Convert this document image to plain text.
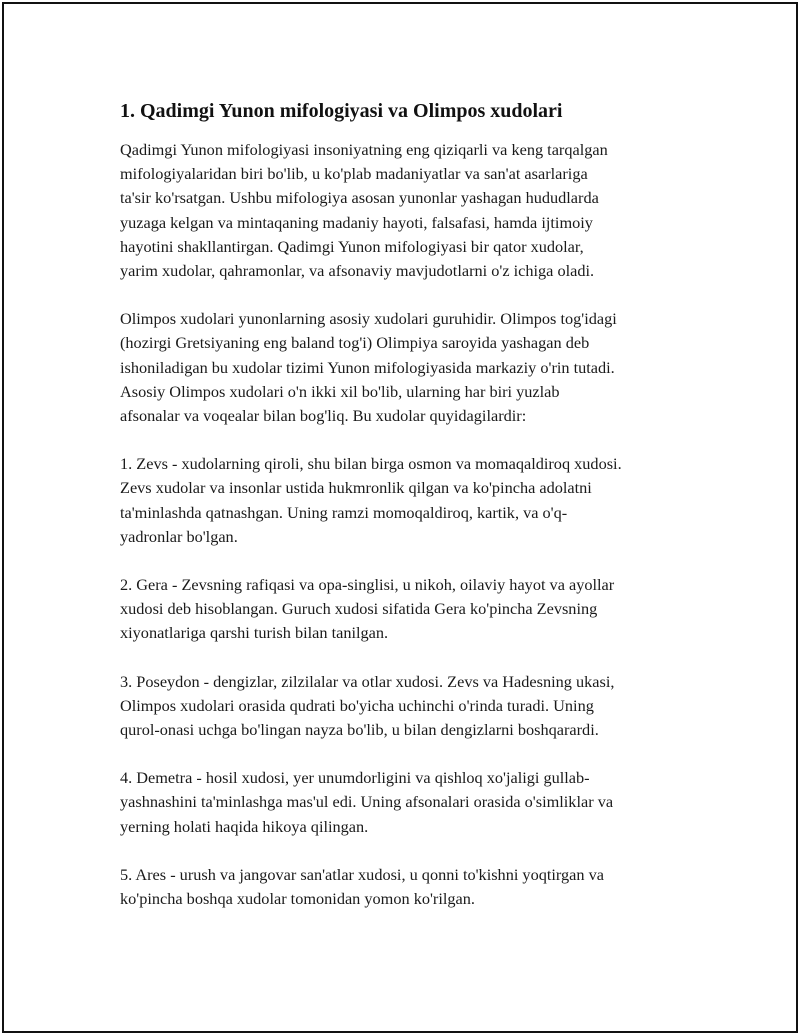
1. Qadimgi Yunon mifologiyasi va Olimpos xudolari
Qadimgi Yunon mifologiyasi insoniyatning eng qiziqarli va keng tarqalgan
mifologiyalaridan biri bo'lib, u ko'plab madaniyatlar va san'at asarlariga
ta'sir ko'rsatgan. Ushbu mifologiya asosan yunonlar yashagan hududlarda
yuzaga kelgan va mintaqaning madaniy hayoti, falsafasi, hamda ijtimoiy
hayotini shakllantirgan. Qadimgi Yunon mifologiyasi bir qator xudolar,
yarim xudolar, qahramonlar, va afsonaviy mavjudotlarni o'z ichiga oladi.
Olimpos xudolari yunonlarning asosiy xudolari guruhidir. Olimpos tog'idagi
(hozirgi Gretsiyaning eng baland tog'i) Olimpiya saroyida yashagan deb
ishoniladigan bu xudolar tizimi Yunon mifologiyasida markaziy o'rin tutadi.
Asosiy Olimpos xudolari o'n ikki xil bo'lib, ularning har biri yuzlab
afsonalar va voqealar bilan bog'liq. Bu xudolar quyidagilardir:
1. Zevs - xudolarning qiroli, shu bilan birga osmon va momaqaldiroq xudosi.
Zevs xudolar va insonlar ustida hukmronlik qilgan va ko'pincha adolatni
ta'minlashda qatnashgan. Uning ramzi momoqaldiroq, kartik, va o'q-
yadronlar bo'lgan.
2. Gera - Zevsning rafiqasi va opa-singlisi, u nikoh, oilaviy hayot va ayollar
xudosi deb hisoblangan. Guruch xudosi sifatida Gera ko'pincha Zevsning
xiyonatlariga qarshi turish bilan tanilgan.
3. Poseydon - dengizlar, zilzilalar va otlar xudosi. Zevs va Hadesning ukasi,
Olimpos xudolari orasida qudrati bo'yicha uchinchi o'rinda turadi. Uning
qurol-onasi uchga bo'lingan nayza bo'lib, u bilan dengizlarni boshqarardi.
4. Demetra - hosil xudosi, yer unumdorligini va qishloq xo'jaligi gullab-
yashnashini ta'minlashga mas'ul edi. Uning afsonalari orasida o'simliklar va
yerning holati haqida hikoya qilingan.
5. Ares - urush va jangovar san'atlar xudosi, u qonni to'kishni yoqtirgan va
ko'pincha boshqa xudolar tomonidan yomon ko'rilgan.
